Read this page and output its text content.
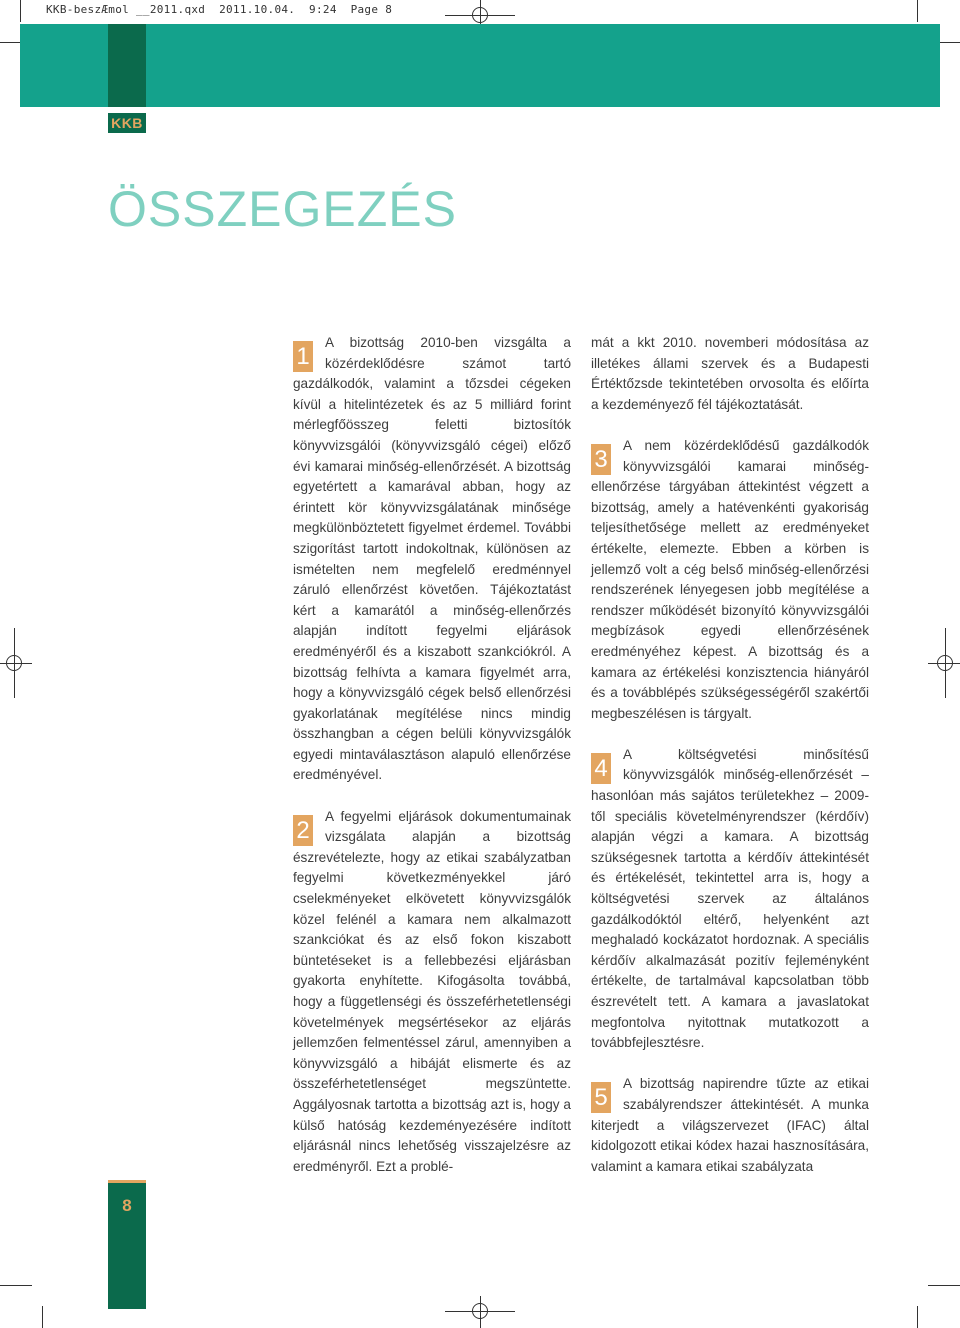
KKB-beszÆmol __2011.qxd  2011.10.04.  9:24  Page 8
KKB
ÖSSZEGEZÉS

1
A bizottság 2010-ben vizsgálta a közérdeklődésre számot tartó gazdálkodók, valamint a tőzsdei cégeken kívül a hitelintézetek és az 5 milliárd forint mérlegfőösszeg feletti biztosítók könyvvizsgálói (könyvvizsgáló cégei) előző évi kamarai minőség-ellenőrzését. A bizottság egyetértett a kamarával abban, hogy az érintett kör könyvvizsgálatának minősége megkülönböztetett figyelmet érdemel. További szigorítást tartott indokoltnak, különösen az ismételten nem megfelelő eredménnyel záruló ellenőrzést követően. Tájékoztatást kért a kamarától a minőség-ellenőrzés alapján indított fegyelmi eljárások eredményéről és a kiszabott szankciókról. A bizottság felhívta a kamara figyelmét arra, hogy a könyvvizsgáló cégek belső ellenőrzési gyakorlatának megítélése nincs mindig összhangban a cégen belüli könyvvizsgálók egyedi mintaválasztáson alapuló ellenőrzése eredményével.

2
A fegyelmi eljárások dokumentumainak vizsgálata alapján a bizottság észrevételezte, hogy az etikai szabályzatban fegyelmi következményekkel járó cselekményeket elkövetett könyvvizsgálók közel felénél a kamara nem alkalmazott szankciókat és az első fokon kiszabott büntetéseket is a fellebbezési eljárásban gyakorta enyhítette. Kifogásolta továbbá, hogy a függetlenségi és összeférhetetlenségi követelmények megsértésekor az eljárás jellemzően felmentéssel zárul, amennyiben a könyvvizsgáló a hibáját elismerte és az összeférhetetlenséget megszüntette. Aggályosnak tartotta a bizottság azt is, hogy a külső hatóság kezdeményezésére indított eljárásnál nincs lehetőség visszajelzésre az eredményről. Ezt a problé-

mát a kkt 2010. novemberi módosítása az illetékes állami szervek és a Budapesti Értéktőzsde tekintetében orvosolta és előírta a kezdeményező fél tájékoztatását.

3
A nem közérdeklődésű gazdálkodók könyvvizsgálói kamarai minőség-ellenőrzése tárgyában áttekintést végzett a bizottság, amely a hatévenkénti gyakoriság teljesíthetősége mellett az eredményeket értékelte, elemezte. Ebben a körben is jellemző volt a cég belső minőség-ellenőrzési rendszerének lényegesen jobb megítélése a rendszer működését bizonyító könyvvizsgálói megbízások egyedi ellenőrzésének eredményéhez képest. A bizottság és a kamara az értékelési konzisztencia hiányáról és a továbblépés szükségességéről szakértői megbeszélésen is tárgyalt.

4
A költségvetési minősítésű könyvvizsgálók minőség-ellenőrzését – hasonlóan más sajátos területekhez – 2009-től speciális követelményrendszer (kérdőív) alapján végzi a kamara. A bizottság szükségesnek tartotta a kérdőív áttekintését és értékelését, tekintettel arra is, hogy a költségvetési szervek az általános gazdálkodóktól eltérő, helyenként azt meghaladó kockázatot hordoznak. A speciális kérdőív alkalmazását pozitív fejleményként értékelte, de tartalmával kapcsolatban több észrevételt tett. A kamara a javaslatokat megfontolva nyitottnak mutatkozott a továbbfejlesztésre.

5
A bizottság napirendre tűzte az etikai szabályrendszer áttekintését. A munka kiterjedt a világszervezet (IFAC) által kidolgozott etikai kódex hazai hasznosítására, valamint a kamara etikai szabályzata

8
